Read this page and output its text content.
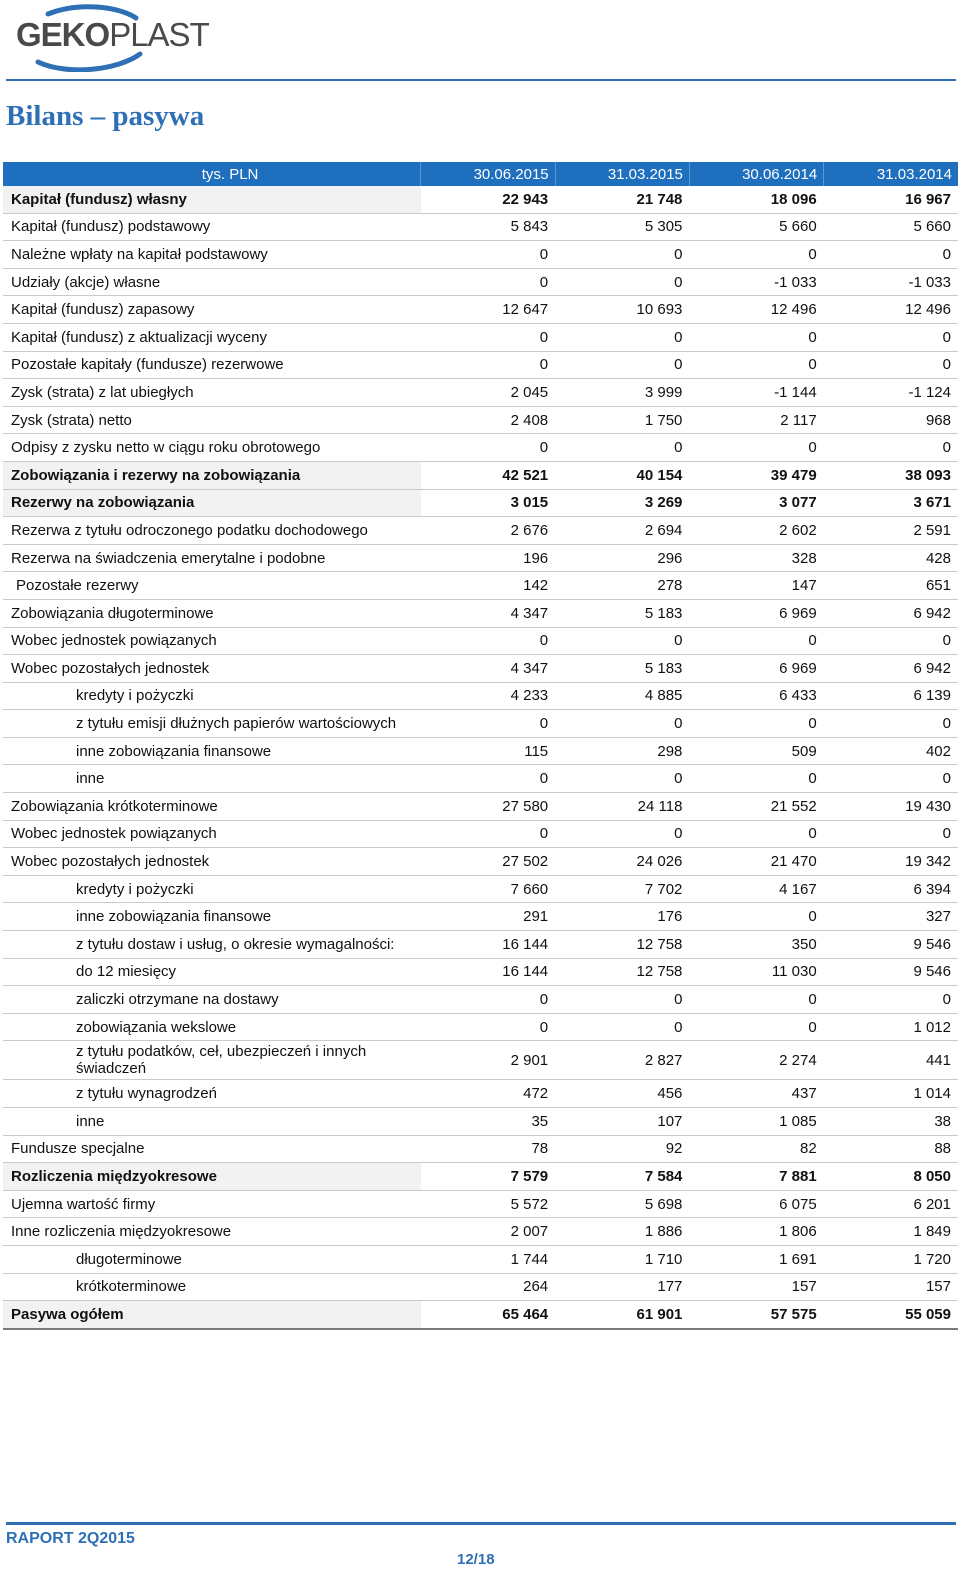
GEKOPLAST
Bilans – pasywa
tys. PLN	30.06.2015	31.03.2015	30.06.2014	31.03.2014
Kapitał (fundusz) własny	22 943	21 748	18 096	16 967
Kapitał (fundusz) podstawowy	5 843	5 305	5 660	5 660
Należne wpłaty na kapitał podstawowy	0	0	0	0
Udziały (akcje) własne	0	0	-1 033	-1 033
Kapitał (fundusz) zapasowy	12 647	10 693	12 496	12 496
Kapitał (fundusz) z aktualizacji wyceny	0	0	0	0
Pozostałe kapitały (fundusze) rezerwowe	0	0	0	0
Zysk (strata) z lat ubiegłych	2 045	3 999	-1 144	-1 124
Zysk (strata) netto	2 408	1 750	2 117	968
Odpisy z zysku netto w ciągu roku obrotowego	0	0	0	0
Zobowiązania i rezerwy na zobowiązania	42 521	40 154	39 479	38 093
Rezerwy na zobowiązania	3 015	3 269	3 077	3 671
Rezerwa z tytułu odroczonego podatku dochodowego	2 676	2 694	2 602	2 591
Rezerwa na świadczenia emerytalne i podobne	196	296	328	428
Pozostałe rezerwy	142	278	147	651
Zobowiązania długoterminowe	4 347	5 183	6 969	6 942
Wobec jednostek powiązanych	0	0	0	0
Wobec pozostałych jednostek	4 347	5 183	6 969	6 942
kredyty i pożyczki	4 233	4 885	6 433	6 139
z tytułu emisji dłużnych papierów wartościowych	0	0	0	0
inne zobowiązania finansowe	115	298	509	402
inne	0	0	0	0
Zobowiązania krótkoterminowe	27 580	24 118	21 552	19 430
Wobec jednostek powiązanych	0	0	0	0
Wobec pozostałych jednostek	27 502	24 026	21 470	19 342
kredyty i pożyczki	7 660	7 702	4 167	6 394
inne zobowiązania finansowe	291	176	0	327
z tytułu dostaw i usług, o okresie wymagalności:	16 144	12 758	350	9 546
do 12 miesięcy	16 144	12 758	11 030	9 546
zaliczki otrzymane na dostawy	0	0	0	0
zobowiązania wekslowe	0	0	0	1 012
z tytułu podatków, ceł, ubezpieczeń i innych świadczeń	2 901	2 827	2 274	441
z tytułu wynagrodzeń	472	456	437	1 014
inne	35	107	1 085	38
Fundusze specjalne	78	92	82	88
Rozliczenia międzyokresowe	7 579	7 584	7 881	8 050
Ujemna wartość firmy	5 572	5 698	6 075	6 201
Inne rozliczenia międzyokresowe	2 007	1 886	1 806	1 849
długoterminowe	1 744	1 710	1 691	1 720
krótkoterminowe	264	177	157	157
Pasywa ogółem	65 464	61 901	57 575	55 059
RAPORT 2Q2015
12/18
